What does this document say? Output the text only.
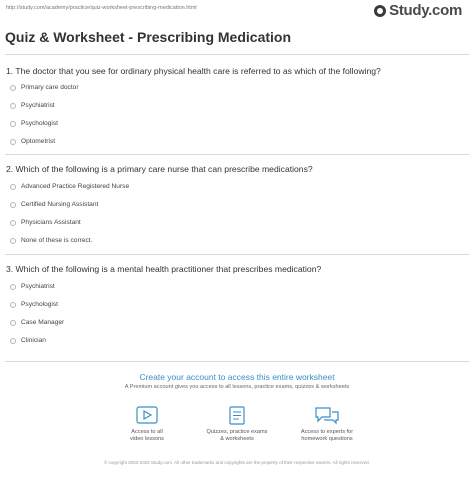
http://study.com/academy/practice/quiz-worksheet-prescribing-medication.html	Study.com
Quiz & Worksheet - Prescribing Medication
1. The doctor that you see for ordinary physical health care is referred to as which of the following?
Primary care doctor
Psychiatrist
Psychologist
Optometrist
2. Which of the following is a primary care nurse that can prescribe medications?
Advanced Practice Registered Nurse
Certified Nursing Assistant
Physicians Assistant
None of these is correct.
3. Which of the following is a mental health practitioner that prescribes medication?
Psychiatrist
Psychologist
Case Manager
Clinician
Create your account to access this entire worksheet
A Premium account gives you access to all lessons, practice exams, quizzes & worksheets
Access to all
video lessons
Quizzes, practice exams
& worksheets
Access to experts for
homework questions
© copyright 2003-2020 Study.com. All other trademarks and copyrights are the property of their respective owners. All rights reserved.
